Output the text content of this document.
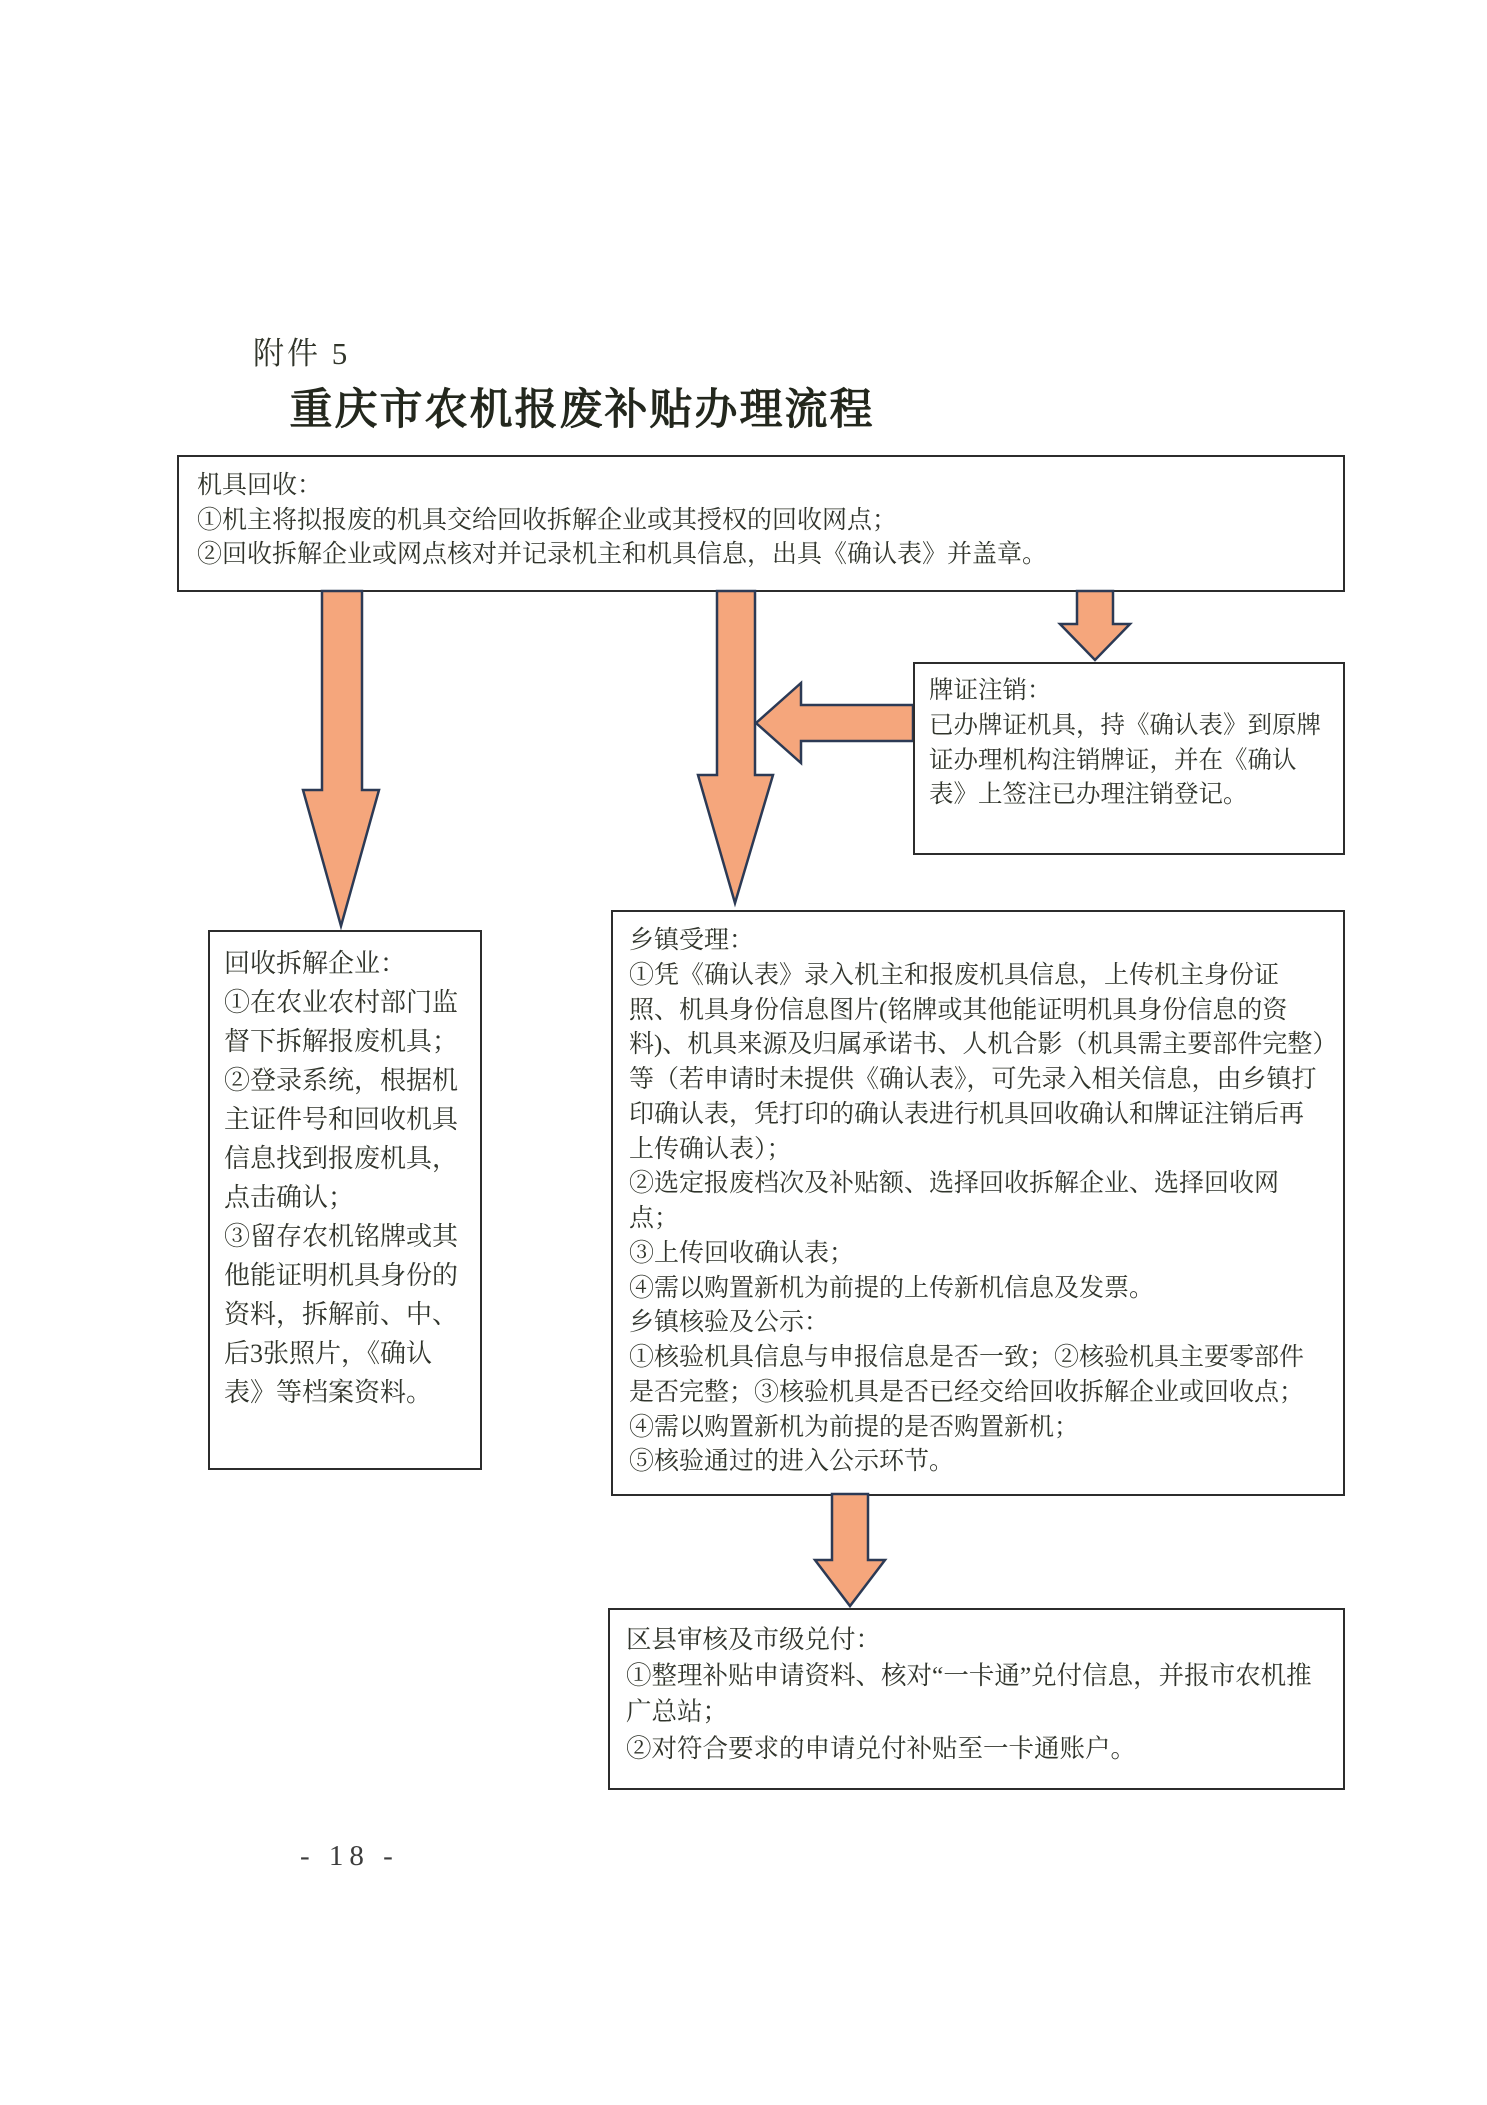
附件 5
重庆市农机报废补贴办理流程

机具回收：

①机主将拟报废的机具交给回收拆解企业或其授权的回收网点；

②回收拆解企业或网点核对并记录机主和机具信息，出具《确认表》并盖章。

牌证注销：

已办牌证机具，持《确认表》到原牌证办理机构注销牌证，并在《确认表》上签注已办理注销登记。

回收拆解企业：

①在农业农村部门监督下拆解报废机具；

②登录系统，根据机主证件号和回收机具信息找到报废机具，点击确认；

③留存农机铭牌或其他能证明机具身份的资料，拆解前、中、后3张照片，《确认表》等档案资料。

乡镇受理：

①凭《确认表》录入机主和报废机具信息，上传机主身份证照、机具身份信息图片(铭牌或其他能证明机具身份信息的资料)、机具来源及归属承诺书、人机合影（机具需主要部件完整）等（若申请时未提供《确认表》，可先录入相关信息，由乡镇打印确认表，凭打印的确认表进行机具回收确认和牌证注销后再上传确认表）；

②选定报废档次及补贴额、选择回收拆解企业、选择回收网点；

③上传回收确认表；

④需以购置新机为前提的上传新机信息及发票。

乡镇核验及公示：

①核验机具信息与申报信息是否一致；②核验机具主要零部件是否完整；③核验机具是否已经交给回收拆解企业或回收点；④需以购置新机为前提的是否购置新机；

⑤核验通过的进入公示环节。

区县审核及市级兑付：

①整理补贴申请资料、核对“一卡通”兑付信息，并报市农机推广总站；

②对符合要求的申请兑付补贴至一卡通账户。

- 18 -
